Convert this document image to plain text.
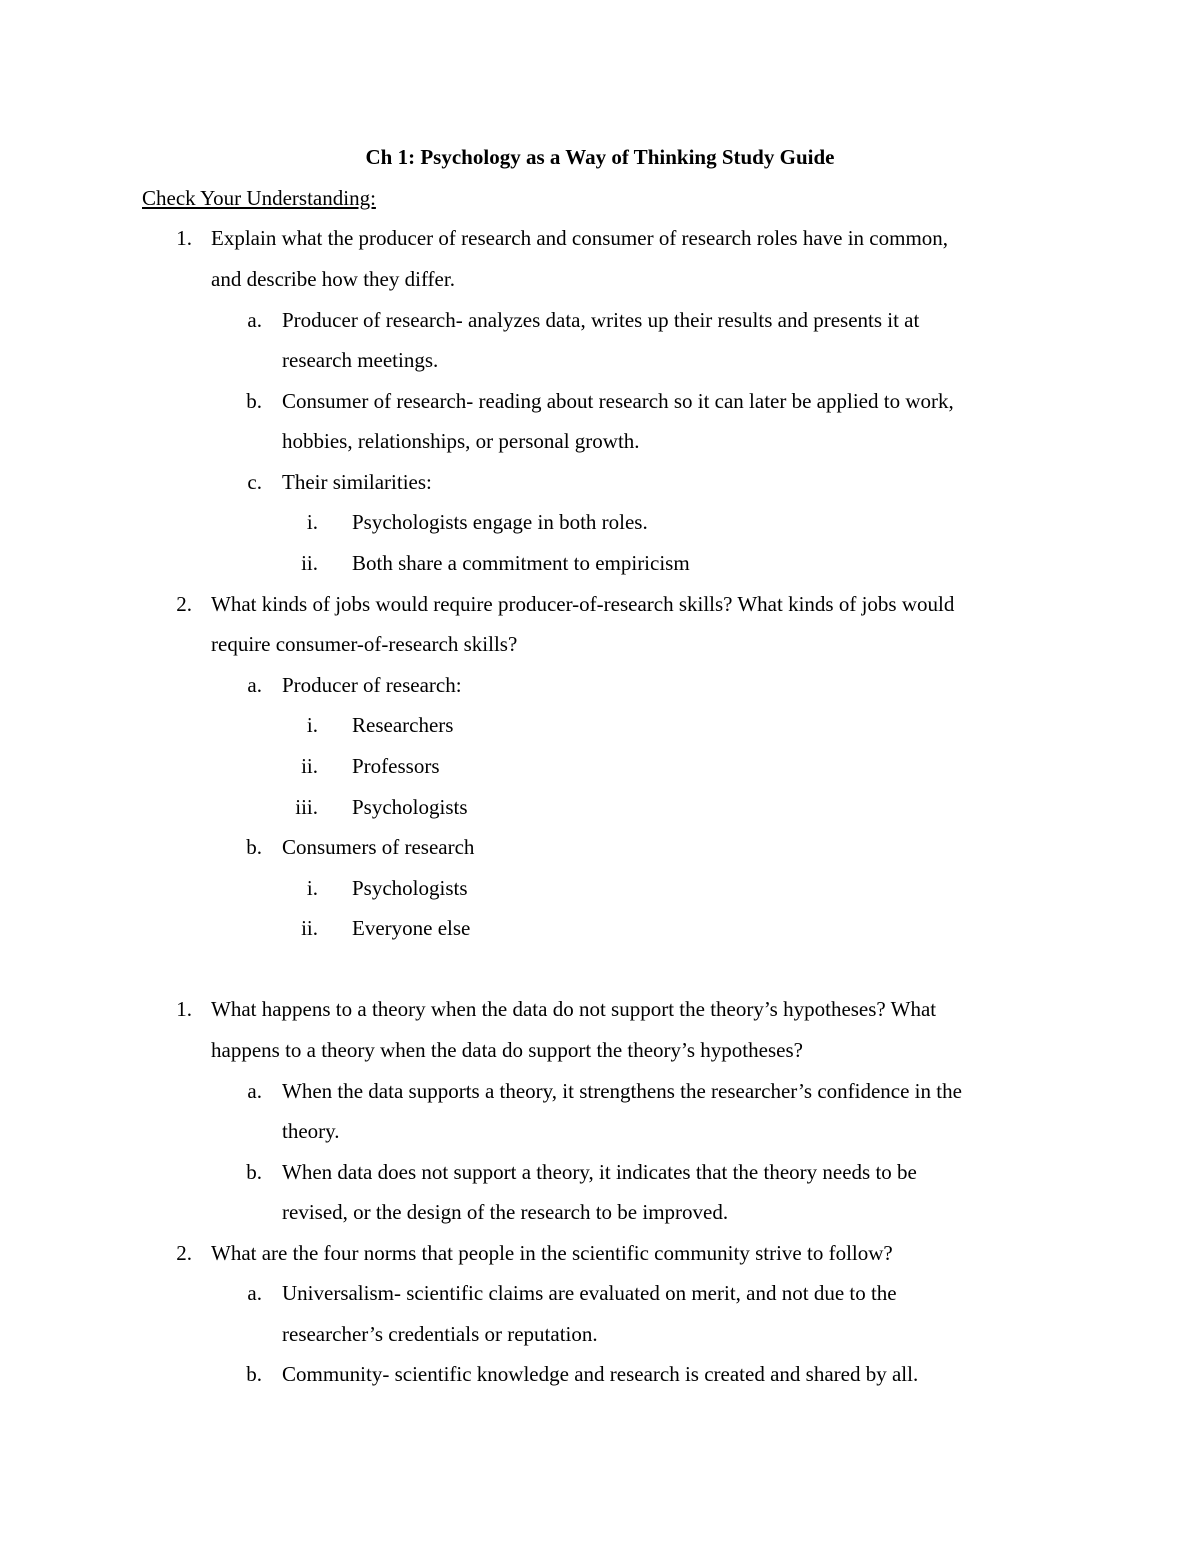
Ch 1: Psychology as a Way of Thinking Study Guide
Check Your Understanding:
1. Explain what the producer of research and consumer of research roles have in common,
and describe how they differ.
a. Producer of research- analyzes data, writes up their results and presents it at
research meetings.
b. Consumer of research- reading about research so it can later be applied to work,
hobbies, relationships, or personal growth.
c. Their similarities:
i. Psychologists engage in both roles.
ii. Both share a commitment to empiricism
2. What kinds of jobs would require producer-of-research skills? What kinds of jobs would
require consumer-of-research skills?
a. Producer of research:
i. Researchers
ii. Professors
iii. Psychologists
b. Consumers of research
i. Psychologists
ii. Everyone else
1. What happens to a theory when the data do not support the theory’s hypotheses? What
happens to a theory when the data do support the theory’s hypotheses?
a. When the data supports a theory, it strengthens the researcher’s confidence in the
theory.
b. When data does not support a theory, it indicates that the theory needs to be
revised, or the design of the research to be improved.
2. What are the four norms that people in the scientific community strive to follow?
a. Universalism- scientific claims are evaluated on merit, and not due to the
researcher’s credentials or reputation.
b. Community- scientific knowledge and research is created and shared by all.
